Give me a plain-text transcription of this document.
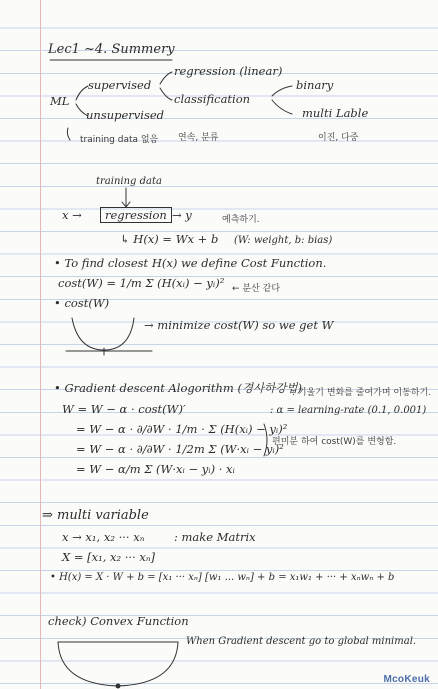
Lec1 ~4. Summery
ML
supervised
unsupervised
regression (linear)
classification
binary
multi Lable
training data 없음 연속, 분류	이진, 다중
training data
x →	regression → y	예측하기.
↳ H(x) = Wx + b (W: weight, b: bias)
• To find closest H(x) we define Cost Function.
cost(W) = 1/m Σ (H(xᵢ) − yᵢ)² ← 분산 같다
• cost(W)
→ minimize cost(W) so we get W
• Gradient descent Alogorithm (경사하강법)
: 기울기 변화를 줄여가며 이동하기.
W = W − α · cost(W)′	: α = learning-rate (0.1, 0.001)
= W − α · ∂/∂W · 1/m · Σ (H(xᵢ) − yᵢ)²
= W − α · ∂/∂W · 1/2m Σ (W·xᵢ − yᵢ)²
= W − α/m Σ (W·xᵢ − yᵢ) · xᵢ
편미분 하여 cost(W)를 변형함.
⇒ multi variable
x → x₁, x₂ ··· xₙ	: make Matrix
X = [x₁, x₂ ··· xₙ]
• H(x) = X · W + b = [x₁ ··· xₙ] [w₁ ... wₙ] + b = x₁w₁ + ··· + xₙwₙ + b
check) Convex Function
When Gradient descent go to global minimal.
McoKeuk
